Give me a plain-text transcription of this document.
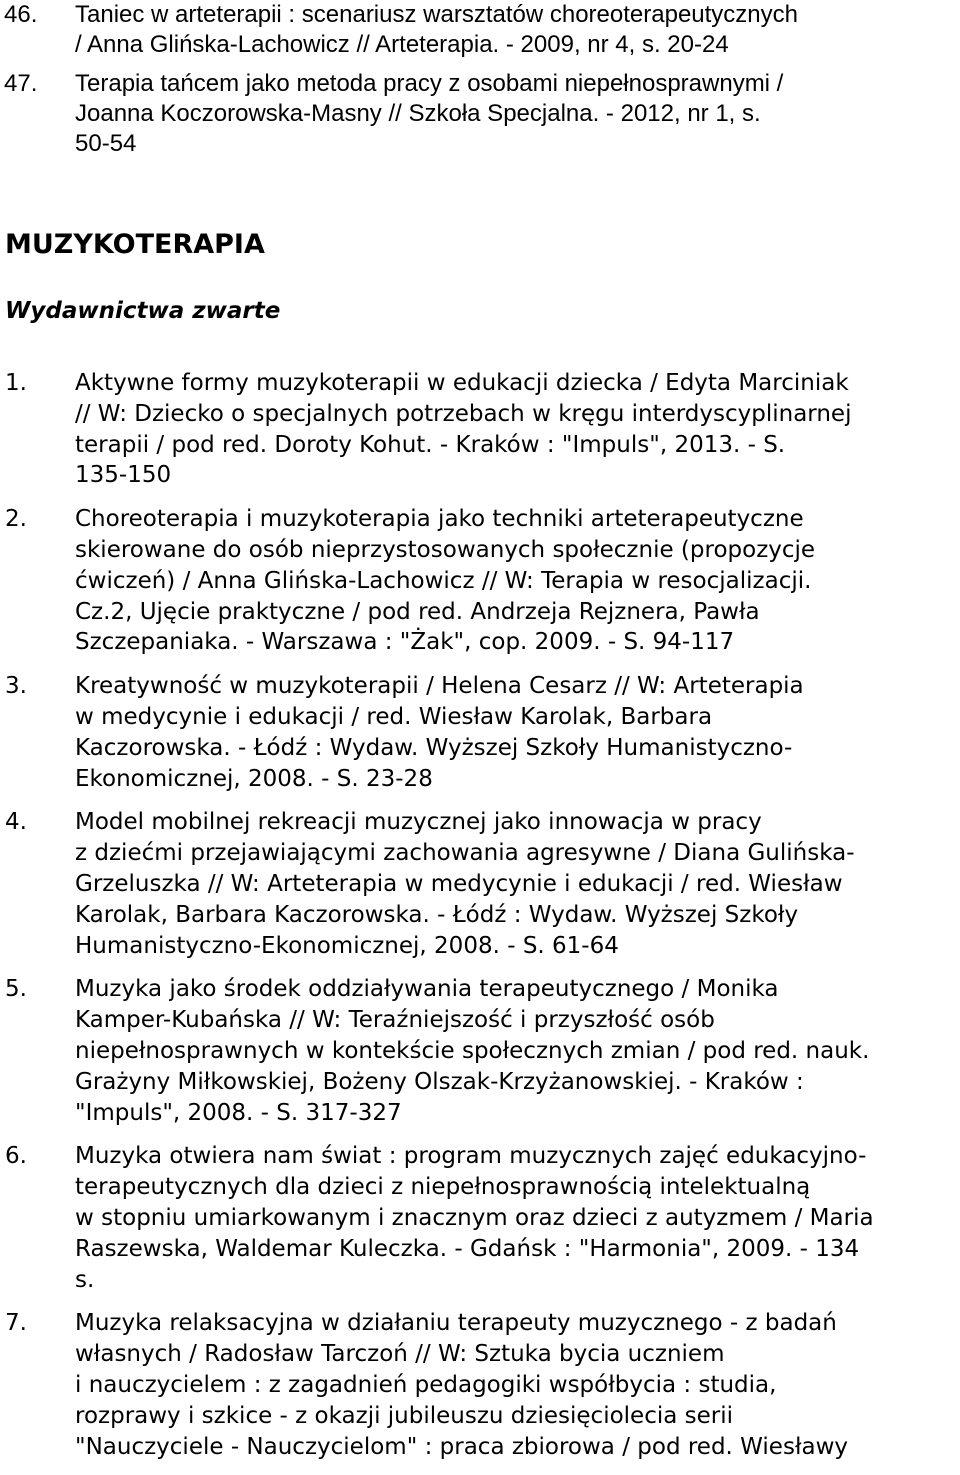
46. Taniec w arteterapii : scenariusz warsztatów choreoterapeutycznych
/ Anna Glińska-Lachowicz // Arteterapia. - 2009, nr 4, s. 20-24
47. Terapia tańcem jako metoda pracy z osobami niepełnosprawnymi /
Joanna Koczorowska-Masny // Szkoła Specjalna. - 2012, nr 1, s.
50-54
MUZYKOTERAPIA
Wydawnictwa zwarte
1. Aktywne formy muzykoterapii w edukacji dziecka / Edyta Marciniak
// W: Dziecko o specjalnych potrzebach w kręgu interdyscyplinarnej
terapii / pod red. Doroty Kohut. - Kraków : "Impuls", 2013. - S.
135-150
2. Choreoterapia i muzykoterapia jako techniki arteterapeutyczne
skierowane do osób nieprzystosowanych społecznie (propozycje
ćwiczeń) / Anna Glińska-Lachowicz // W: Terapia w resocjalizacji.
Cz.2, Ujęcie praktyczne / pod red. Andrzeja Rejznera, Pawła
Szczepaniaka. - Warszawa : "Żak", cop. 2009. - S. 94-117
3. Kreatywność w muzykoterapii / Helena Cesarz // W: Arteterapia
w medycynie i edukacji / red. Wiesław Karolak, Barbara
Kaczorowska. - Łódź : Wydaw. Wyższej Szkoły Humanistyczno-
Ekonomicznej, 2008. - S. 23-28
4. Model mobilnej rekreacji muzycznej jako innowacja w pracy
z dziećmi przejawiającymi zachowania agresywne / Diana Gulińska-
Grzeluszka // W: Arteterapia w medycynie i edukacji / red. Wiesław
Karolak, Barbara Kaczorowska. - Łódź : Wydaw. Wyższej Szkoły
Humanistyczno-Ekonomicznej, 2008. - S. 61-64
5. Muzyka jako środek oddziaływania terapeutycznego / Monika
Kamper-Kubańska // W: Teraźniejszość i przyszłość osób
niepełnosprawnych w kontekście społecznych zmian / pod red. nauk.
Grażyny Miłkowskiej, Bożeny Olszak-Krzyżanowskiej. - Kraków :
"Impuls", 2008. - S. 317-327
6. Muzyka otwiera nam świat : program muzycznych zajęć edukacyjno-
terapeutycznych dla dzieci z niepełnosprawnością intelektualną
w stopniu umiarkowanym i znacznym oraz dzieci z autyzmem / Maria
Raszewska, Waldemar Kuleczka. - Gdańsk : "Harmonia", 2009. - 134
s.
7. Muzyka relaksacyjna w działaniu terapeuty muzycznego - z badań
własnych / Radosław Tarczoń // W: Sztuka bycia uczniem
i nauczycielem : z zagadnień pedagogiki współbycia : studia,
rozprawy i szkice - z okazji jubileuszu dziesięciolecia serii
"Nauczyciele - Nauczycielom" : praca zbiorowa / pod red. Wiesławy
